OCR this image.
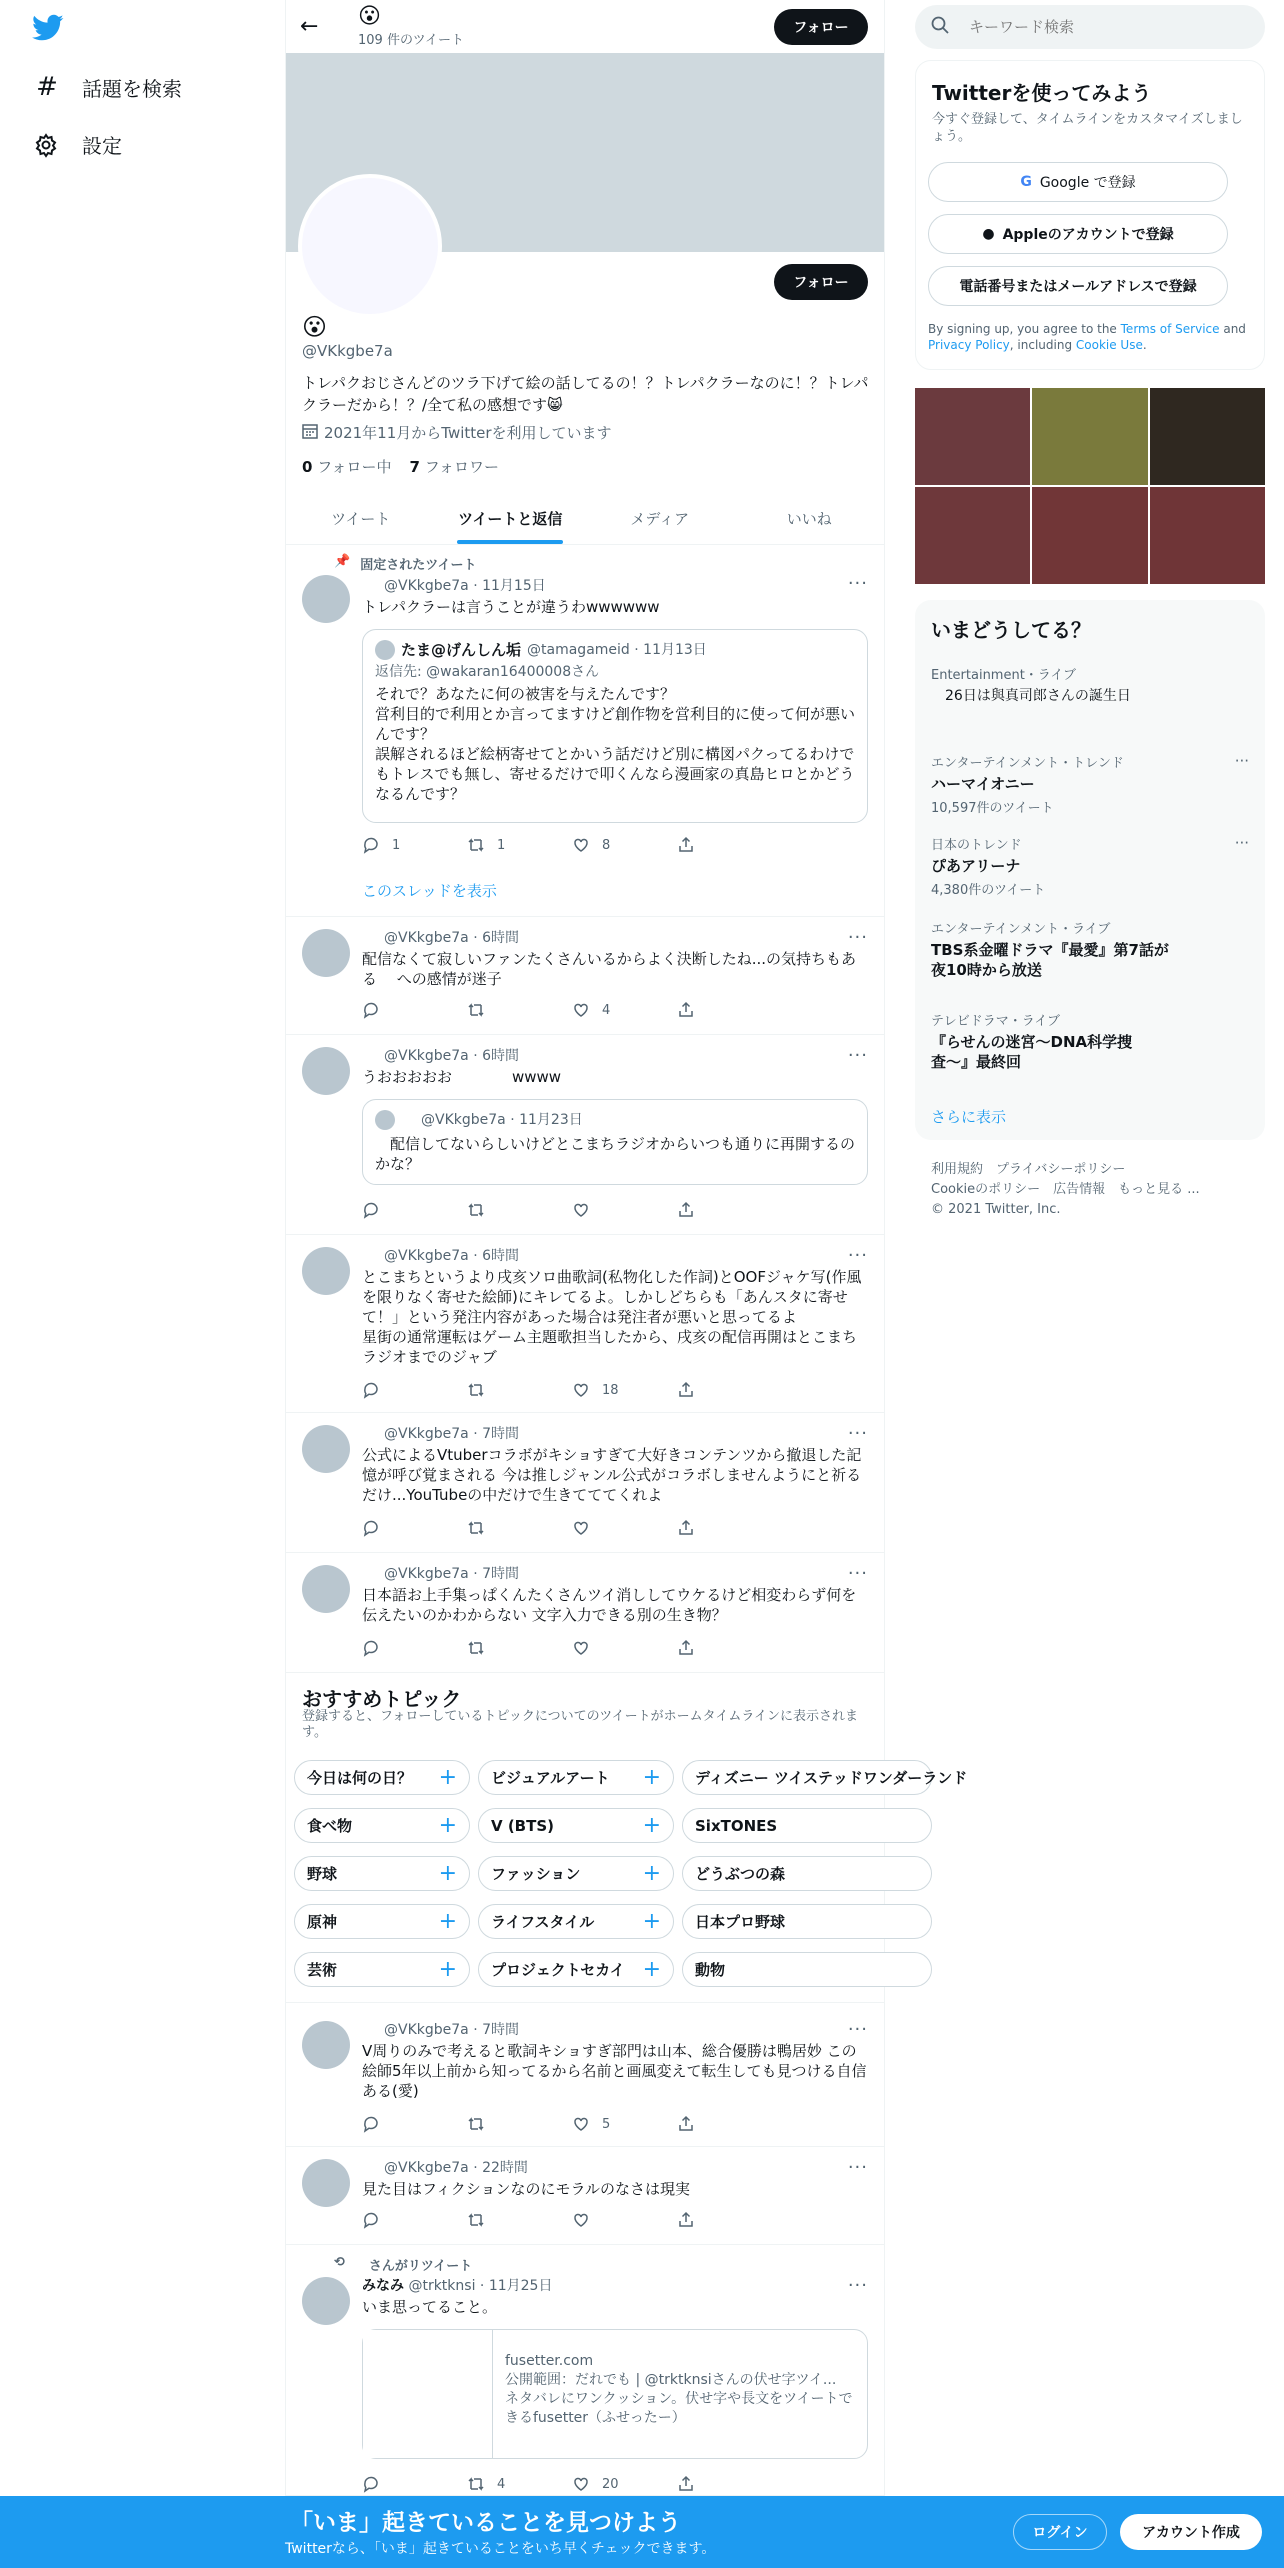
# 話題を検索
設定
← 😮
109 件のツイート
フォロー
フォロー
😮
@VKkgbe7a
トレパクおじさんどのツラ下げて絵の話してるの！？トレパクラーなのに！？トレパクラーだから！？/全て私の感想です😸
2021年11月からTwitterを利用しています
0 フォロー中 7 フォロワー
ツイート	ツイートと返信	メディア	いいね
📌 固定されたツイート
···
@VKkgbe7a · 11月15日
トレパクラーは言うことが違うわwwwwww
たま@げんしん垢 @tamagameid · 11月13日
返信先: @wakaran16400008さん
それで？あなたに何の被害を与えたんです？
営利目的で利用とか言ってますけど創作物を営利目的に使って何が悪いんです？
誤解されるほど絵柄寄せてとかいう話だけど別に構図パクってるわけでもトレスでも無し、寄せるだけで叩くんなら漫画家の真島ヒロとかどうなるんです？
1	1	8
このスレッドを表示
···
@VKkgbe7a · 6時間
配信なくて寂しいファンたくさんいるからよく決断したね...の気持ちもある　 への感情が迷子
4
···
@VKkgbe7a · 6時間
うおおおおお　　　　wwww
@VKkgbe7a · 11月23日
　配信してないらしいけどとこまちラジオからいつも通りに再開するのかな？
···
@VKkgbe7a · 6時間
とこまちというより戌亥ソロ曲歌詞(私物化した作詞)とOOFジャケ写(作風を限りなく寄せた絵師)にキレてるよ。しかしどちらも「あんスタに寄せて！」という発注内容があった場合は発注者が悪いと思ってるよ
星街の通常運転はゲーム主題歌担当したから、戌亥の配信再開はとこまちラジオまでのジャブ
18
···
@VKkgbe7a · 7時間
公式によるVtuberコラボがキショすぎて大好きコンテンツから撤退した記憶が呼び覚まされる 今は推しジャンル公式がコラボしませんようにと祈るだけ...YouTubeの中だけで生きてててくれよ
···
@VKkgbe7a · 7時間
日本語お上手集っぱくんたくさんツイ消ししてウケるけど相変わらず何を伝えたいのかわからない 文字入力できる別の生き物？
おすすめトピック
登録すると、フォローしているトピックについてのツイートがホームタイムラインに表示されます。
今日は何の日？ + ビジュアルアート + ディズニー ツイステッドワンダーランド
食べ物	+ V (BTS)	+ SixTONES
野球	+ ファッション	+ どうぶつの森
原神	+ ライフスタイル + 日本プロ野球
芸術	+ プロジェクトセカイ + 動物
···
@VKkgbe7a · 7時間
V周りのみで考えると歌詞キショすぎ部門は山本、総合優勝は鴨居妙 この絵師5年以上前から知ってるから名前と画風変えて転生しても見つける自信ある(愛)
5
···
@VKkgbe7a · 22時間
見た目はフィクションなのにモラルのなさは現実
⟲ さんがリツイート
···
みなみ @trktknsi · 11月25日
いま思ってること。
fusetter.com
公開範囲：だれでも | @trktknsiさんの伏せ字ツイ...
ネタバレにワンクッション。伏せ字や長文をツイートできるfusetter（ふせったー）
4	20
キーワード検索
Twitterを使ってみよう
今すぐ登録して、タイムラインをカスタマイズしましょう。
G Google で登録
● Appleのアカウントで登録
電話番号またはメールアドレスで登録
By signing up, you agree to the Terms of Service and Privacy Policy, including Cookie Use.
いまどうしてる？
Entertainment・ライブ
　26日は與真司郎さんの誕生日
エンターテインメント・トレンド
ハーマイオニー
10,597件のツイート
···
日本のトレンド
ぴあアリーナ
4,380件のツイート
···
エンターテインメント・ライブ
TBS系金曜ドラマ『最愛』第7話が夜10時から放送
テレビドラマ・ライブ
『らせんの迷宮〜DNA科学捜査〜』最終回
さらに表示
利用規約　プライバシーポリシー
Cookieのポリシー　広告情報　もっと見る ...
© 2021 Twitter, Inc.
「いま」起きていることを見つけよう
Twitterなら、「いま」起きていることをいち早くチェックできます。
ログイン	アカウント作成
